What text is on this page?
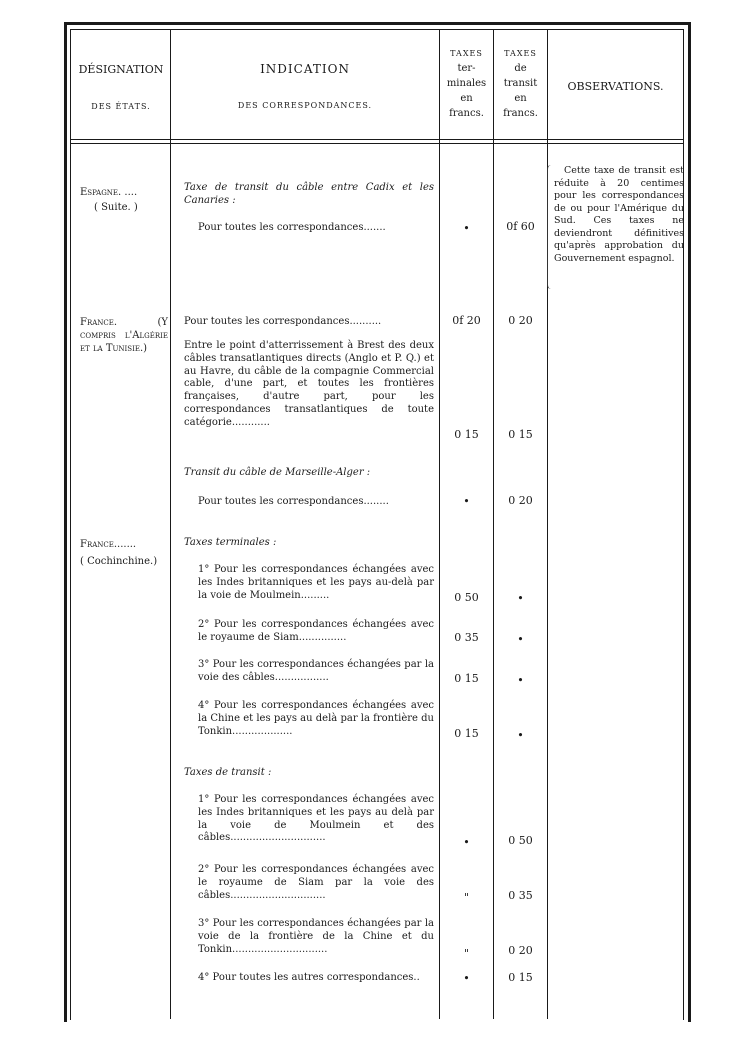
DÉSIGNATION
DES ÉTATS.
INDICATION
DES CORRESPONDANCES.
TAXES
ter-
minales
en
francs.
TAXES
de
transit
en
francs.
OBSERVATIONS.
Espagne. ....
( Suite. )
Taxe de transit du câble entre Cadix et les Canaries :
Pour toutes les correspondances.......	•	0f 60
Cette taxe de transit est réduite à 20 centimes pour les correspondances de ou pour l'Amérique du Sud. Ces taxes ne deviendront définitives qu'après approbation du Gouvernement espagnol.
France. (Y compris l'Algérie et la Tunisie.)
Pour toutes les correspondances..........	0f 20	0 20
Entre le point d'atterrissement à Brest des deux câbles transatlantiques directs (Anglo et P. Q.) et au Havre, du câble de la compagnie Commercial cable, d'une part, et toutes les frontières françaises, d'autre part, pour les correspondances transatlantiques de toute catégorie............
0 15	0 15
Transit du câble de Marseille-Alger :
Pour toutes les correspondances........	•	0 20
France.......
( Cochinchine.)
Taxes terminales :
1° Pour les correspondances échangées avec les Indes britanniques et les pays au-delà par la voie de Moulmein.........	0 50	•
2° Pour les correspondances échangées avec le royaume de Siam...............	0 35	•
3° Pour les correspondances échangées par la voie des câbles.................	0 15	•
4° Pour les correspondances échangées avec la Chine et les pays au delà par la frontière du Tonkin...................	0 15	•
Taxes de transit :
1° Pour les correspondances échangées avec les Indes britanniques et les pays au delà par la voie de Moulmein et des câbles..............................	•	0 50
2° Pour les correspondances échangées avec le royaume de Siam par la voie des câbles..............................	"	0 35
3° Pour les correspondances échangées par la voie de la frontière de la Chine et du Tonkin..............................	"	0 20
4° Pour toutes les autres correspondances..	•	0 15
